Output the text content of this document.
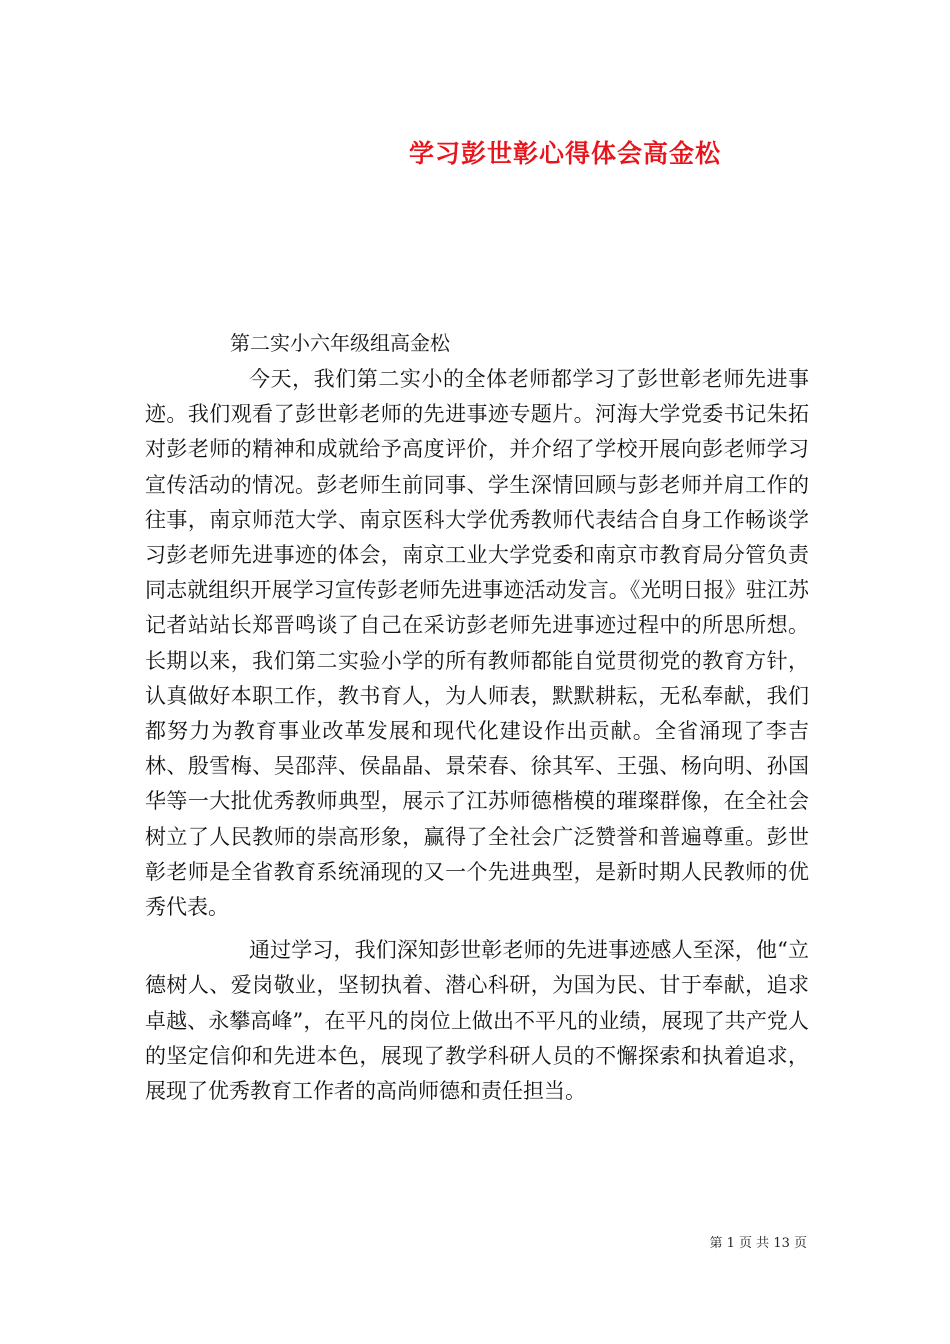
学习彭世彰心得体会高金松
第二实小六年级组高金松

今天，我们第二实小的全体老师都学习了彭世彰老师先进事迹。我们观看了彭世彰老师的先进事迹专题片。河海大学党委书记朱拓对彭老师的精神和成就给予高度评价，并介绍了学校开展向彭老师学习宣传活动的情况。彭老师生前同事、学生深情回顾与彭老师并肩工作的往事，南京师范大学、南京医科大学优秀教师代表结合自身工作畅谈学习彭老师先进事迹的体会，南京工业大学党委和南京市教育局分管负责同志就组织开展学习宣传彭老师先进事迹活动发言。《光明日报》驻江苏记者站站长郑晋鸣谈了自己在采访彭老师先进事迹过程中的所思所想。长期以来，我们第二实验小学的所有教师都能自觉贯彻党的教育方针，认真做好本职工作，教书育人，为人师表，默默耕耘，无私奉献，我们都努力为教育事业改革发展和现代化建设作出贡献。全省涌现了李吉林、殷雪梅、吴邵萍、侯晶晶、景荣春、徐其军、王强、杨向明、孙国华等一大批优秀教师典型，展示了江苏师德楷模的璀璨群像，在全社会树立了人民教师的崇高形象，赢得了全社会广泛赞誉和普遍尊重。彭世彰老师是全省教育系统涌现的又一个先进典型，是新时期人民教师的优秀代表。

通过学习，我们深知彭世彰老师的先进事迹感人至深，他“立德树人、爱岗敬业，坚韧执着、潜心科研，为国为民、甘于奉献，追求卓越、永攀高峰”，在平凡的岗位上做出不平凡的业绩，展现了共产党人的坚定信仰和先进本色，展现了教学科研人员的不懈探索和执着追求，展现了优秀教育工作者的高尚师德和责任担当。

第 1 页 共 13 页
